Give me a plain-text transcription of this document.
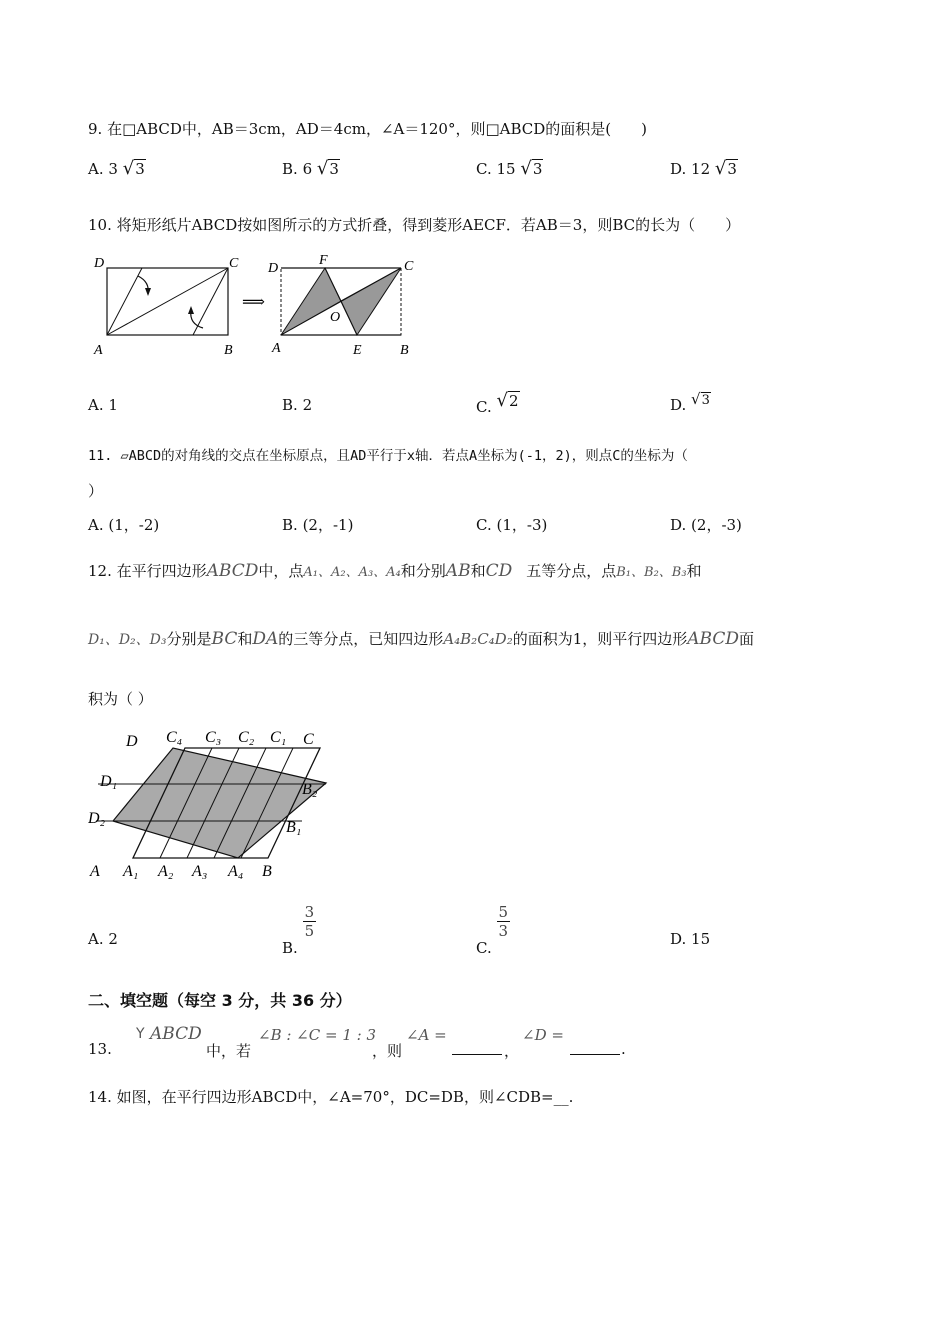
9. 在□ABCD中，AB＝3cm，AD＝4cm，∠A＝120°，则□ABCD的面积是(　　)
A. 3 √3	B. 6 √3	C. 15 √3	D. 12 √3
10. 将矩形纸片ABCD按如图所示的方式折叠，得到菱形AECF．若AB＝3，则BC的长为（　　）
D	C
A	B
⟹
D
F	C
O
A	E	B
A. 1	B. 2	C. √2	D. √3
11. ▱ABCD的对角线的交点在坐标原点，且AD平行于x轴．若点A坐标为(-1，2)，则点C的坐标为（
）
A. (1，-2)	B. (2，-1)	C. (1，-3)	D. (2，-3)
12. 在平行四边形ABCD中，点A₁、A₂、A₃、A₄和分别AB和CD 五等分点，点B₁、B₂、B₃和
D₁、D₂、D₃分别是BC和DA的三等分点，已知四边形A₄B₂C₄D₂的面积为1，则平行四边形ABCD面
积为（ ）
D C₄ C₃ C₂ C₁ C
D₁	B₂
D₂
B₁
A A₁ A₂ A₃ A₄ B
A. 2	B.
$\frac{3}{5}$
C.
$\frac{5}{3}$	D. 15
二、填空题（每空 3 分，共 36 分）
13.
Y ABCD
中，若
∠B : ∠C = 1 : 3
，则
∠A =
，
∠D =
.
14. 如图，在平行四边形ABCD中，∠A=70°，DC=DB，则∠CDB=__.
